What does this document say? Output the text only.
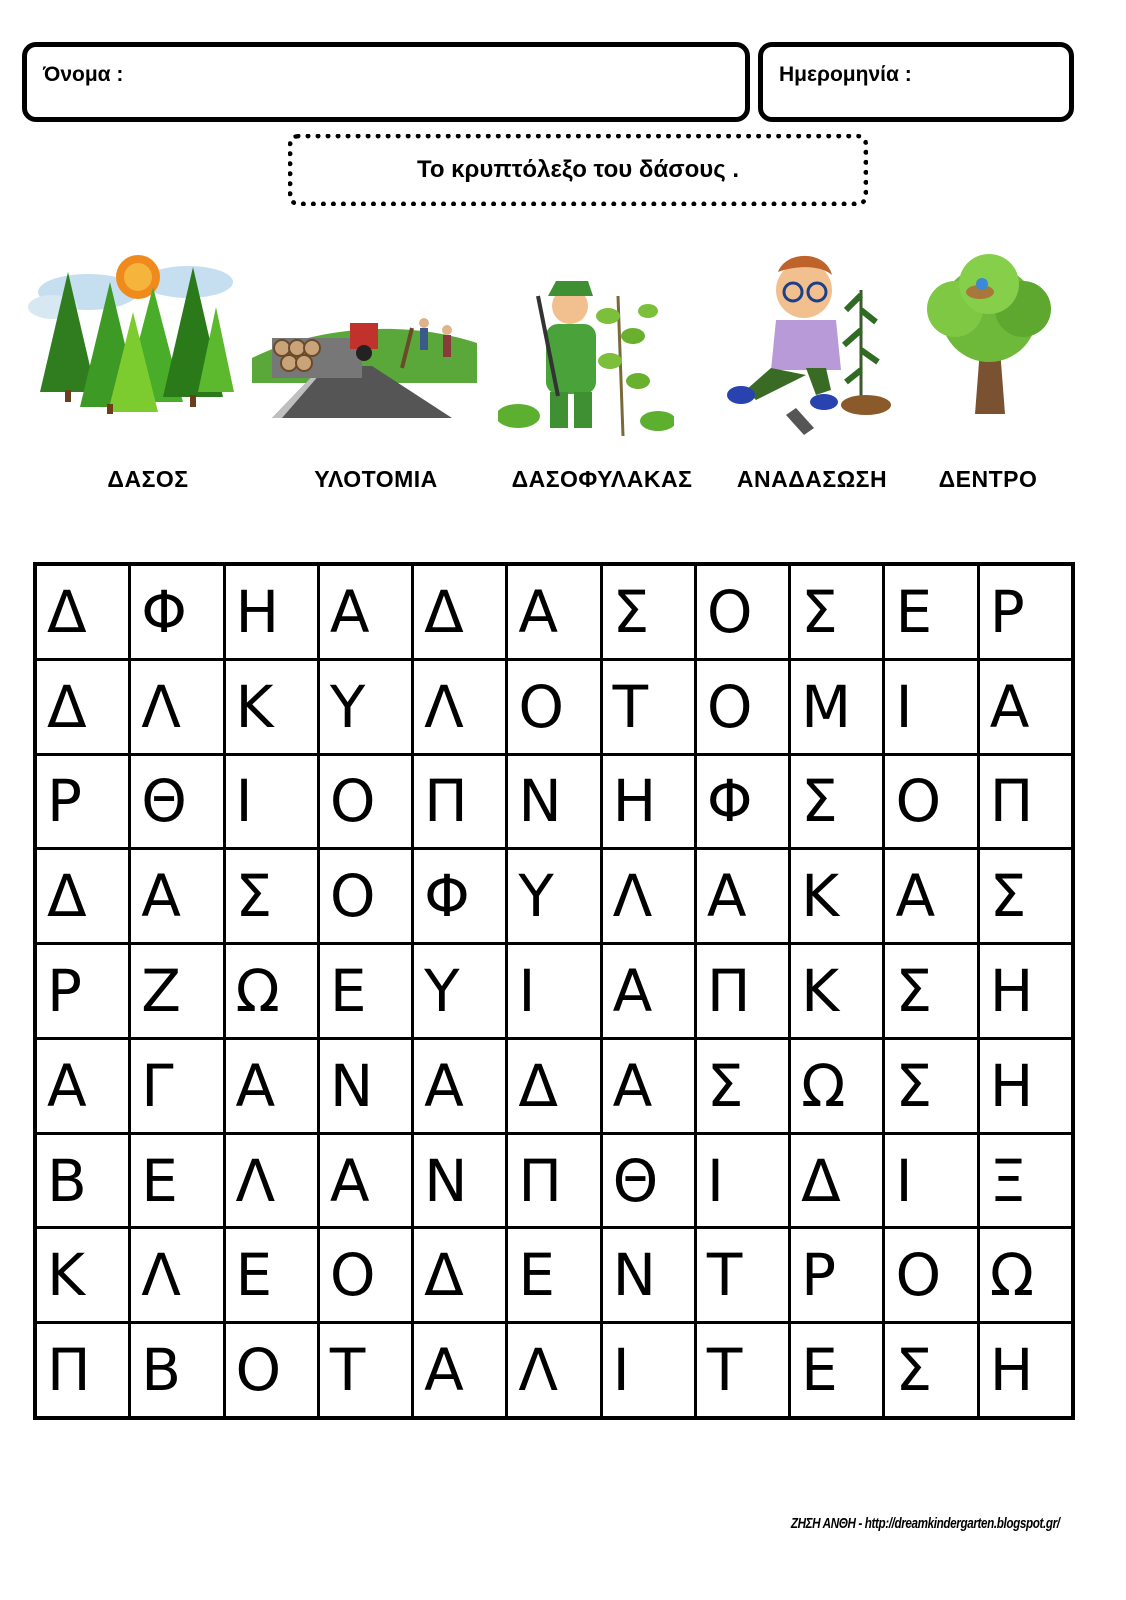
Όνομα :	Ημερομηνία :
Το κρυπτόλεξο του δάσους .
ΔΑΣΟΣ	ΥΛΟΤΟΜΙΑ	ΔΑΣΟΦΥΛΑΚΑΣ ΑΝΑΔΑΣΩΣΗ ΔΕΝΤΡΟ
Δ Φ Η Α Δ Α Σ Ο Σ Ε Ρ
Δ Λ Κ Υ	Λ Ο Τ	Ο Μ Ι	Α
Ρ	Θ Ι	Ο Π Ν Η Φ Σ Ο Π
Δ Α Σ Ο Φ Υ	Λ Α Κ Α Σ
Ρ	Ζ Ω Ε Υ	Ι	Α Π Κ Σ Η
Α Γ	Α Ν Α Δ Α Σ Ω Σ Η
Β Ε Λ Α Ν Π Θ Ι	Δ Ι	Ξ
Κ Λ Ε Ο Δ Ε Ν Τ	Ρ	Ο Ω
Π Β Ο Τ	Α Λ Ι	Τ	Ε Σ Η
ΖΗΣΗ ΑΝΘΗ - http://dreamkindergarten.blogspot.gr/
